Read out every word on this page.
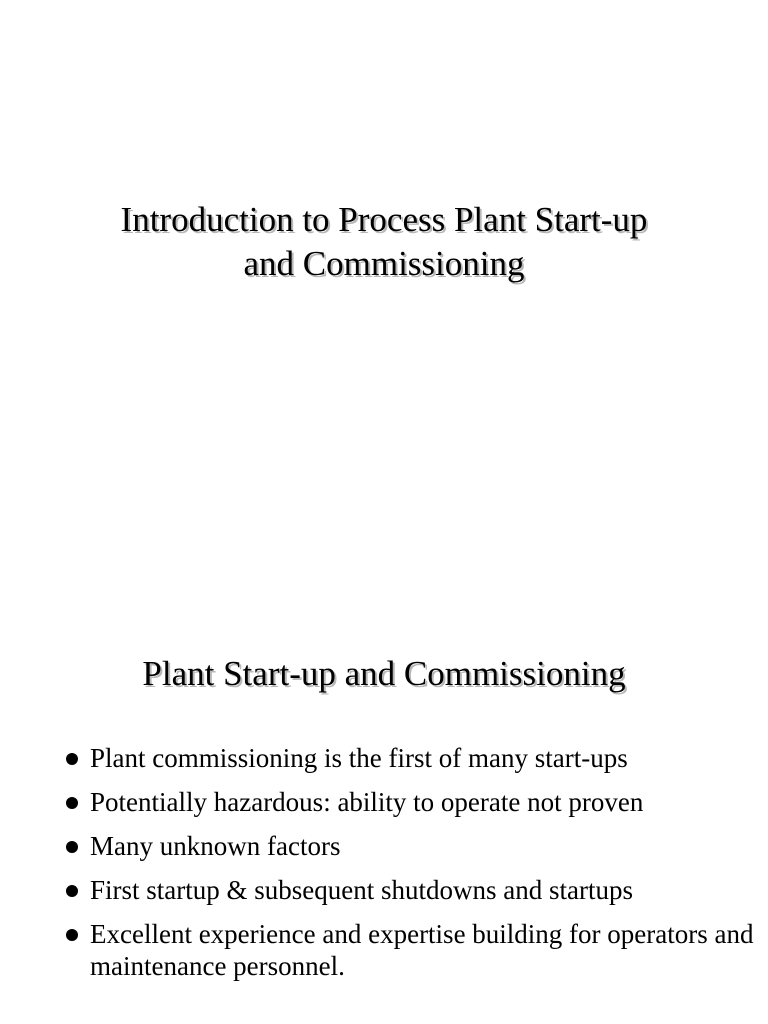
Introduction to Process Plant Start-up
and Commissioning
Plant Start-up and Commissioning
Plant commissioning is the first of many start-ups
Potentially hazardous: ability to operate not proven
Many unknown factors
First startup & subsequent shutdowns and startups
Excellent experience and expertise building for operators and maintenance personnel.
